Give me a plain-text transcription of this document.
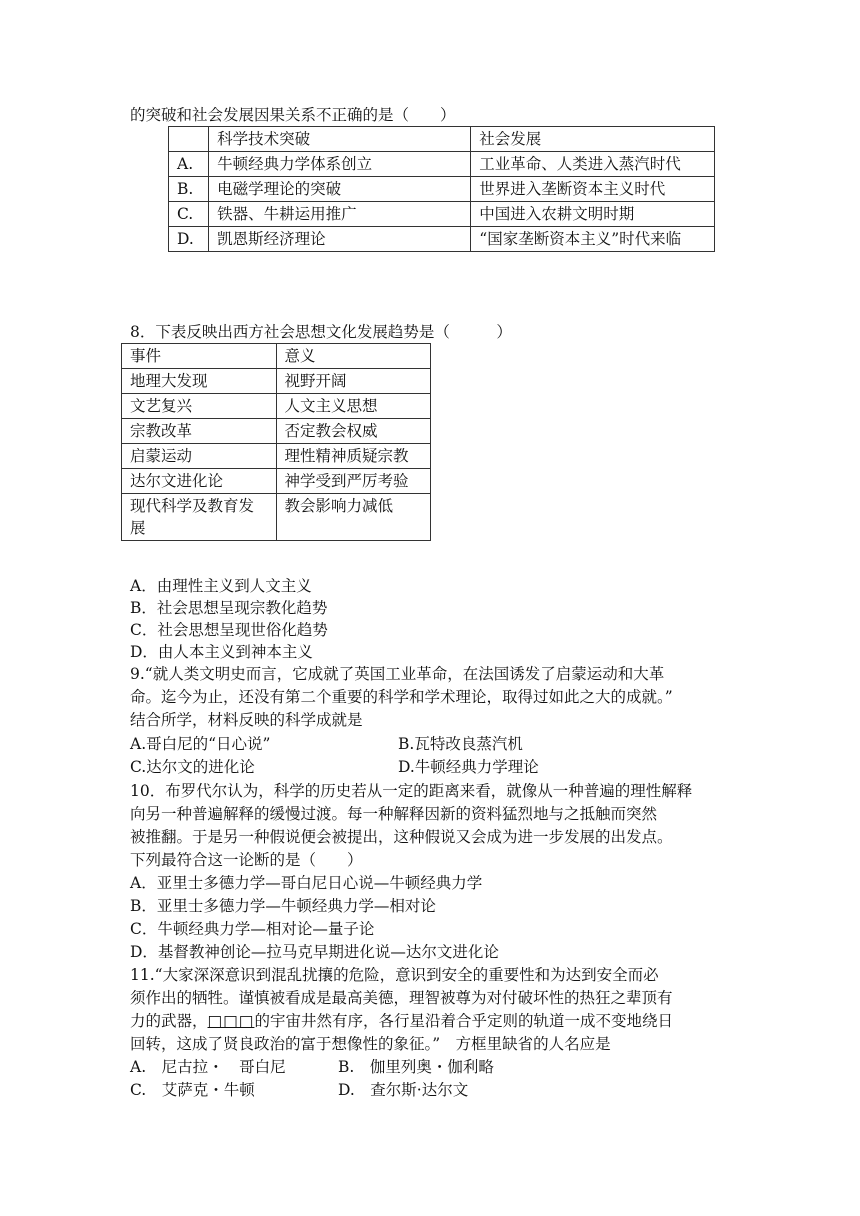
的突破和社会发展因果关系不正确的是（　　）
	科学技术突破	社会发展
A.	牛顿经典力学体系创立	工业革命、人类进入蒸汽时代
B.	电磁学理论的突破	世界进入垄断资本主义时代
C.	铁器、牛耕运用推广	中国进入农耕文明时期
D.	凯恩斯经济理论	“国家垄断资本主义”时代来临
8．下表反映出西方社会思想文化发展趋势是（　　　）
事件	意义
地理大发现	视野开阔
文艺复兴	人文主义思想
宗教改革	否定教会权威
启蒙运动	理性精神质疑宗教
达尔文进化论	神学受到严厉考验
现代科学及教育发展	教会影响力减低
A．由理性主义到人文主义
B．社会思想呈现宗教化趋势
C．社会思想呈现世俗化趋势
D．由人本主义到神本主义
9.“就人类文明史而言，它成就了英国工业革命，在法国诱发了启蒙运动和大革
命。迄今为止，还没有第二个重要的科学和学术理论，取得过如此之大的成就。”
结合所学，材料反映的科学成就是
A.哥白尼的“日心说”	B.瓦特改良蒸汽机
C.达尔文的进化论	D.牛顿经典力学理论
10．布罗代尔认为，科学的历史若从一定的距离来看，就像从一种普遍的理性解释
向另一种普遍解释的缓慢过渡。每一种解释因新的资料猛烈地与之抵触而突然
被推翻。于是另一种假说便会被提出，这种假说又会成为进一步发展的出发点。
下列最符合这一论断的是（　　）
A．亚里士多德力学—哥白尼日心说—牛顿经典力学
B．亚里士多德力学—牛顿经典力学—相对论
C．牛顿经典力学—相对论—量子论
D．基督教神创论—拉马克早期进化说—达尔文进化论
11.“大家深深意识到混乱扰攘的危险，意识到安全的重要性和为达到安全而必
须作出的牺牲。谨慎被看成是最高美德，理智被尊为对付破坏性的热狂之辈顶有
力的武器，□□□的宇宙井然有序，各行星沿着合乎定则的轨道一成不变地绕日
回转，这成了贤良政治的富于想像性的象征。”　方框里缺省的人名应是
A.　尼古拉・　哥白尼	B.　伽里列奥・伽利略
C.　艾萨克・牛顿	D.　查尔斯·达尔文
